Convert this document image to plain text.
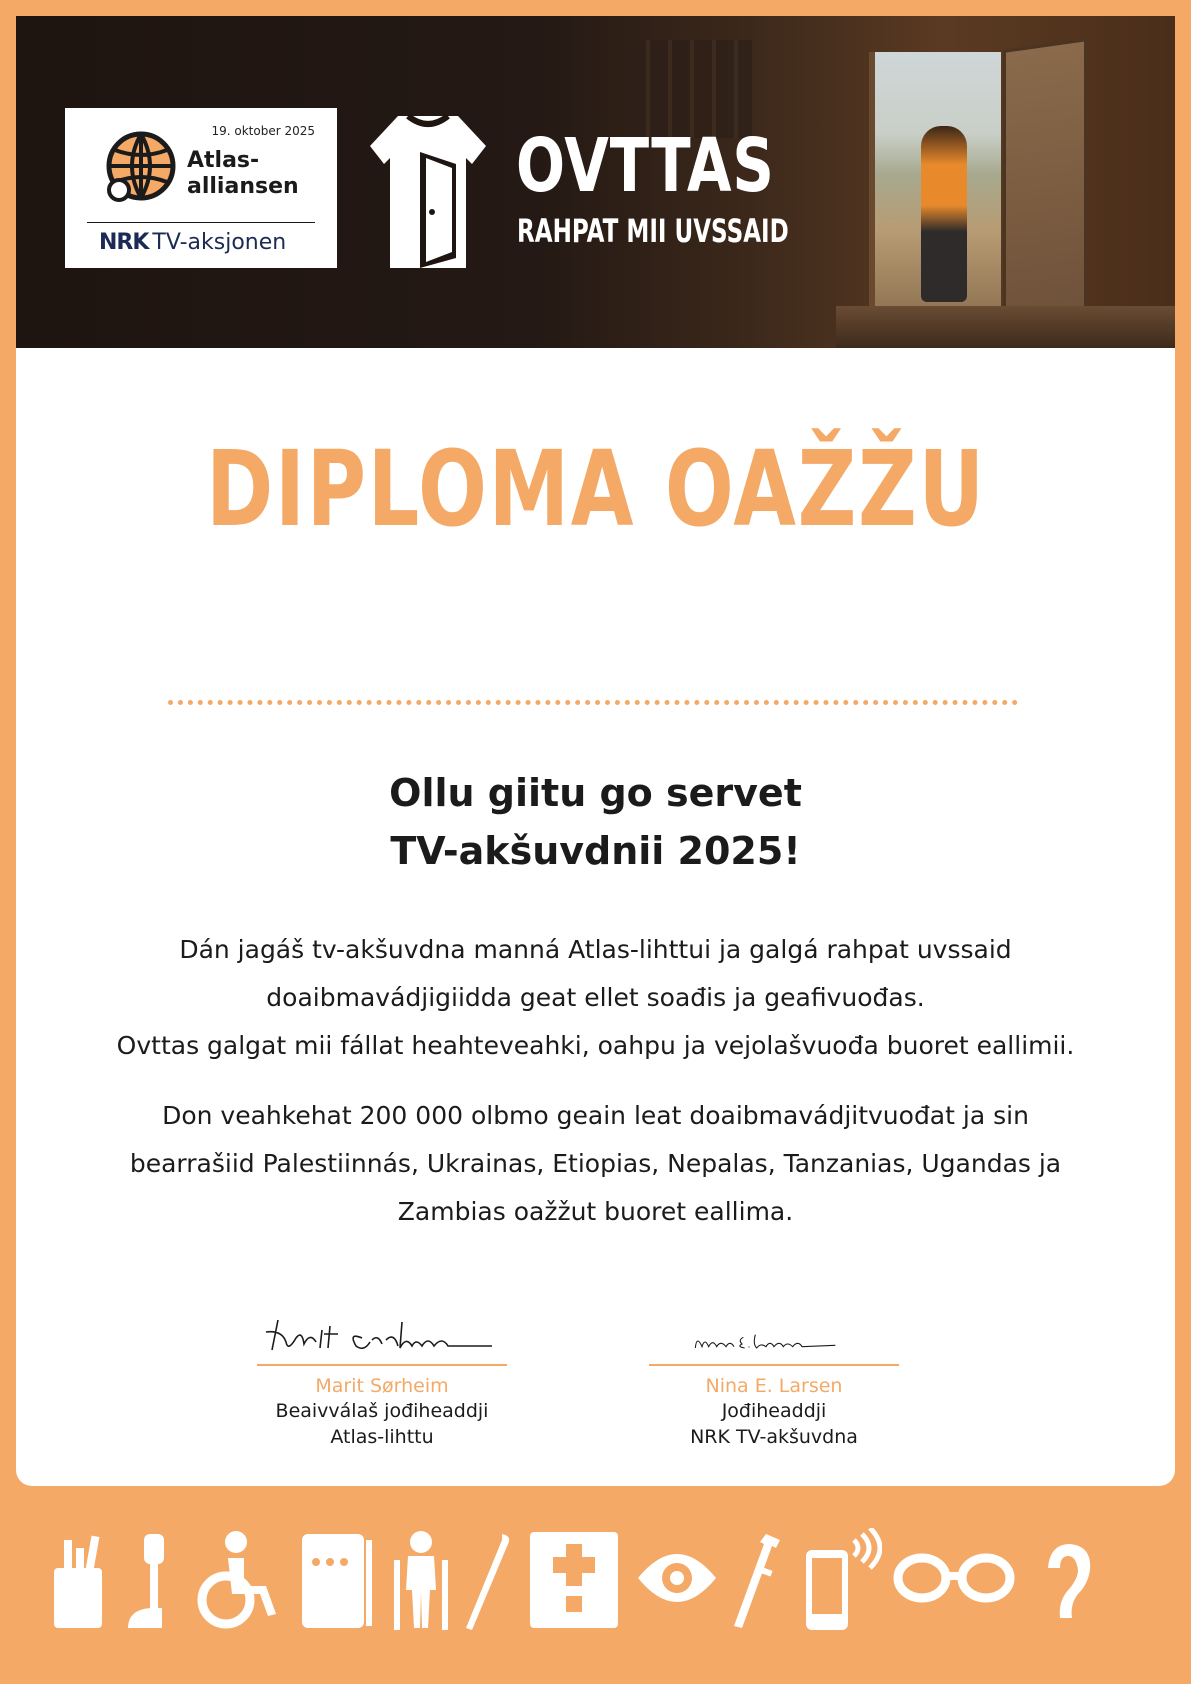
19. oktober 2025
Atlas-
alliansen
NRK TV-aksjonen
OVTTAS
RAHPAT MII UVSSAID
DIPLOMA OAŽŽU
Ollu giitu go servet
TV-akšuvdnii 2025!
Dán jagáš tv-akšuvdna manná Atlas-lihttui ja galgá rahpat uvssaid
doaibmavádjigiidda geat ellet soađis ja geafivuođas.
Ovttas galgat mii fállat heahteveahki, oahpu ja vejolašvuođa buoret eallimii.
Don veahkehat 200 000 olbmo geain leat doaibmavádjitvuođat ja sin
bearrašiid Palestiinnás, Ukrainas, Etiopias, Nepalas, Tanzanias, Ugandas ja
Zambias oažžut buoret eallima.
Marit Sørheim
Beaivválaš jođiheaddji
Atlas-lihttu
Nina E. Larsen
Jođiheaddji
NRK TV-akšuvdna
